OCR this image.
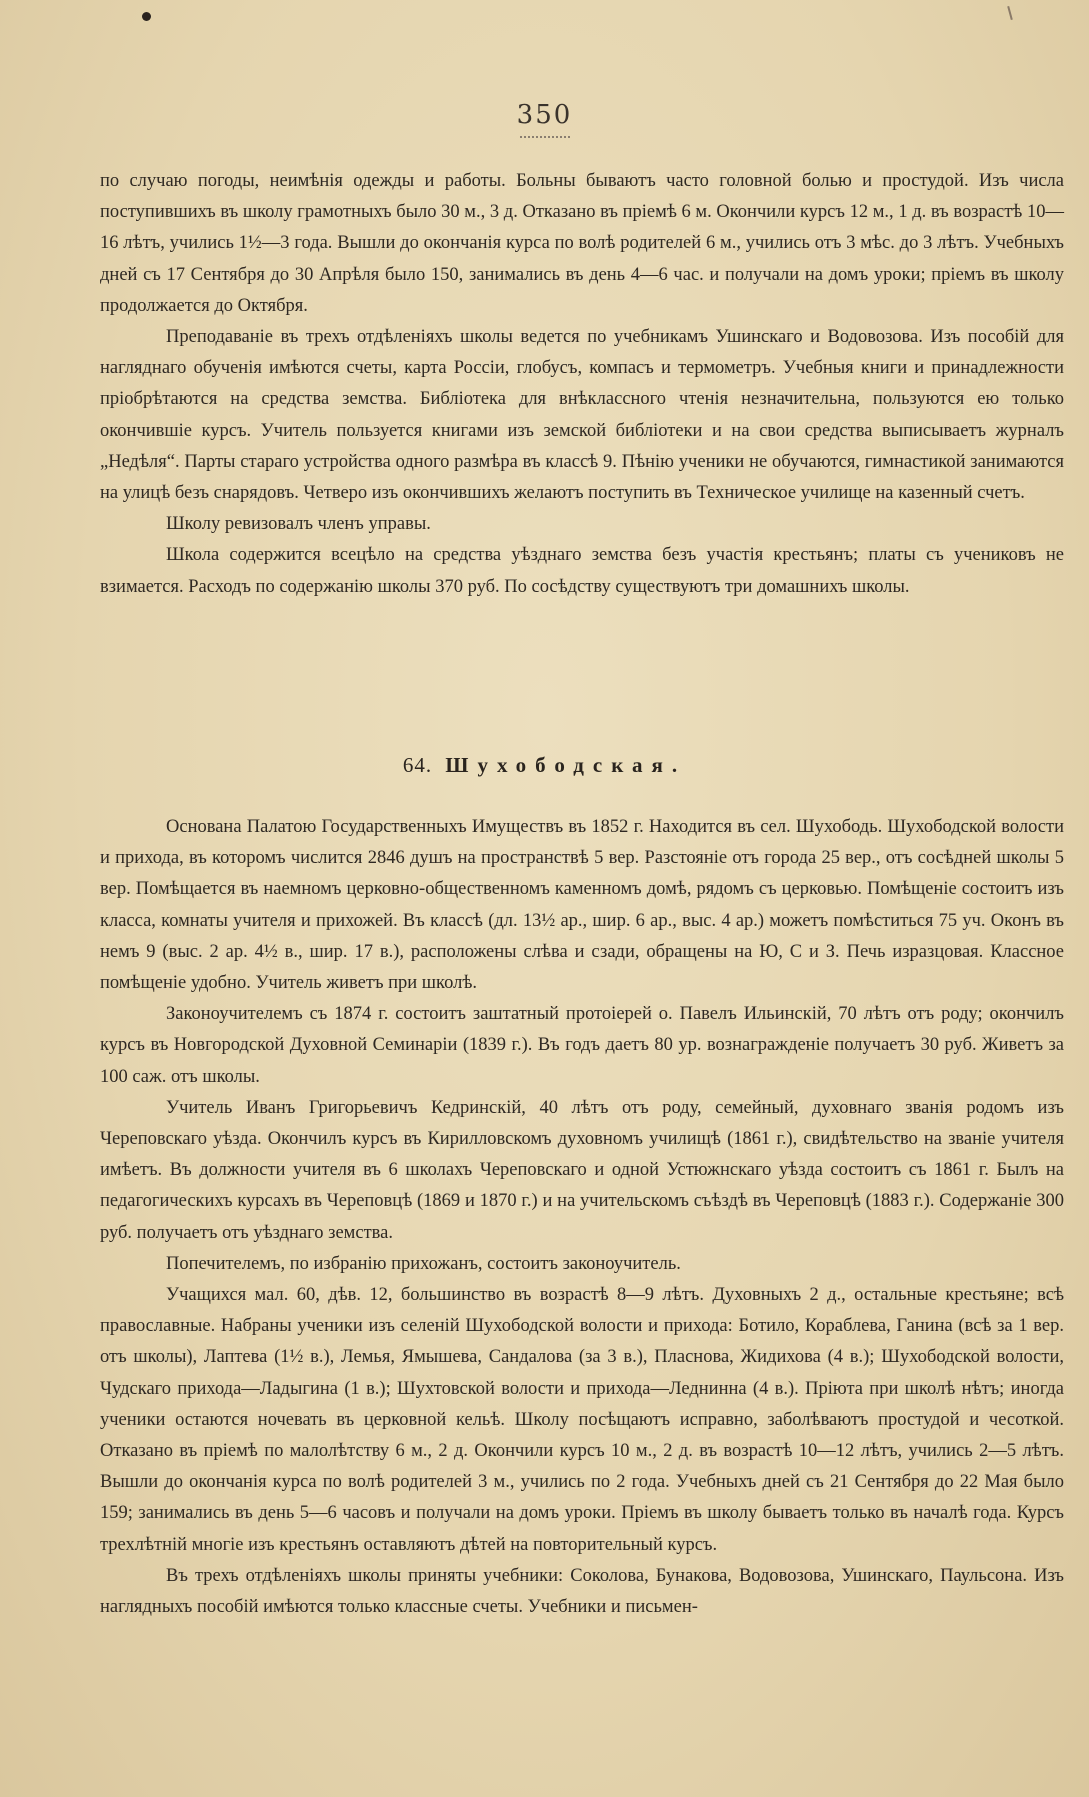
350

по случаю погоды, неимѣнія одежды и работы. Больны бываютъ часто головной болью и простудой. Изъ числа поступившихъ въ школу грамотныхъ было 30 м., 3 д. Отказано въ пріемѣ 6 м. Окончили курсъ 12 м., 1 д. въ возрастѣ 10—16 лѣтъ, учились 1½—3 года. Вышли до окончанія курса по волѣ родителей 6 м., учились отъ 3 мѣс. до 3 лѣтъ. Учебныхъ дней съ 17 Сентября до 30 Апрѣля было 150, занимались въ день 4—6 час. и получали на домъ уроки; пріемъ въ школу продолжается до Октября.

Преподаваніе въ трехъ отдѣленіяхъ школы ведется по учебникамъ Ушинскаго и Водовозова. Изъ пособій для нагляднаго обученія имѣются счеты, карта Россіи, глобусъ, компасъ и термометръ. Учебныя книги и принадлежности пріобрѣтаются на средства земства. Библіотека для внѣклассного чтенія незначительна, пользуются ею только окончившіе курсъ. Учитель пользуется книгами изъ земской библіотеки и на свои средства выписываетъ журналъ „Недѣля“. Парты стараго устройства одного размѣра въ классѣ 9. Пѣнію ученики не обучаются, гимнастикой занимаются на улицѣ безъ снарядовъ. Четверо изъ окончившихъ желаютъ поступить въ Техническое училище на казенный счетъ.

Школу ревизовалъ членъ управы.

Школа содержится всецѣло на средства уѣзднаго земства безъ участія крестьянъ; платы съ учениковъ не взимается. Расходъ по содержанію школы 370 руб. По сосѣдству существуютъ три домашнихъ школы.

64. Шухободская.

Основана Палатою Государственныхъ Имуществъ въ 1852 г. Находится въ сел. Шухободь. Шухободской волости и прихода, въ которомъ числится 2846 душъ на пространствѣ 5 вер. Разстояніе отъ города 25 вер., отъ сосѣдней школы 5 вер. Помѣщается въ наемномъ церковно-общественномъ каменномъ домѣ, рядомъ съ церковью. Помѣщеніе состоитъ изъ класса, комнаты учителя и прихожей. Въ классѣ (дл. 13½ ар., шир. 6 ар., выс. 4 ар.) можетъ помѣститься 75 уч. Оконъ въ немъ 9 (выс. 2 ар. 4½ в., шир. 17 в.), расположены слѣва и сзади, обращены на Ю, С и З. Печь изразцовая. Классное помѣщеніе удобно. Учитель живетъ при школѣ.

Законоучителемъ съ 1874 г. состоитъ заштатный протоіерей о. Павелъ Ильинскій, 70 лѣтъ отъ роду; окончилъ курсъ въ Новгородской Духовной Семинаріи (1839 г.). Въ годъ даетъ 80 ур. вознагражденіе получаетъ 30 руб. Живетъ за 100 саж. отъ школы.

Учитель Иванъ Григорьевичъ Кедринскій, 40 лѣтъ отъ роду, семейный, духовнаго званія родомъ изъ Череповскаго уѣзда. Окончилъ курсъ въ Кирилловскомъ духовномъ училищѣ (1861 г.), свидѣтельство на званіе учителя имѣетъ. Въ должности учителя въ 6 школахъ Череповскаго и одной Устюжнскаго уѣзда состоитъ съ 1861 г. Былъ на педагогическихъ курсахъ въ Череповцѣ (1869 и 1870 г.) и на учительскомъ съѣздѣ въ Череповцѣ (1883 г.). Содержаніе 300 руб. получаетъ отъ уѣзднаго земства.

Попечителемъ, по избранію прихожанъ, состоитъ законоучитель.

Учащихся мал. 60, дѣв. 12, большинство въ возрастѣ 8—9 лѣтъ. Духовныхъ 2 д., остальные крестьяне; всѣ православные. Набраны ученики изъ селеній Шухободской волости и прихода: Ботило, Кораблева, Ганина (всѣ за 1 вер. отъ школы), Лаптева (1½ в.), Лемья, Ямышева, Сандалова (за 3 в.), Пласнова, Жидихова (4 в.); Шухободской волости, Чудскаго прихода—Ладыгина (1 в.); Шухтовской волости и прихода—Леднинна (4 в.). Пріюта при школѣ нѣтъ; иногда ученики остаются ночевать въ церковной кельѣ. Школу посѣщаютъ исправно, заболѣваютъ простудой и чесоткой. Отказано въ пріемѣ по малолѣтству 6 м., 2 д. Окончили курсъ 10 м., 2 д. въ возрастѣ 10—12 лѣтъ, учились 2—5 лѣтъ. Вышли до окончанія курса по волѣ родителей 3 м., учились по 2 года. Учебныхъ дней съ 21 Сентября до 22 Мая было 159; занимались въ день 5—6 часовъ и получали на домъ уроки. Пріемъ въ школу бываетъ только въ началѣ года. Курсъ трехлѣтній многіе изъ крестьянъ оставляютъ дѣтей на повторительный курсъ.

Въ трехъ отдѣленіяхъ школы приняты учебники: Соколова, Бунакова, Водовозова, Ушинскаго, Паульсона. Изъ наглядныхъ пособій имѣются только классные счеты. Учебники и письмен-
